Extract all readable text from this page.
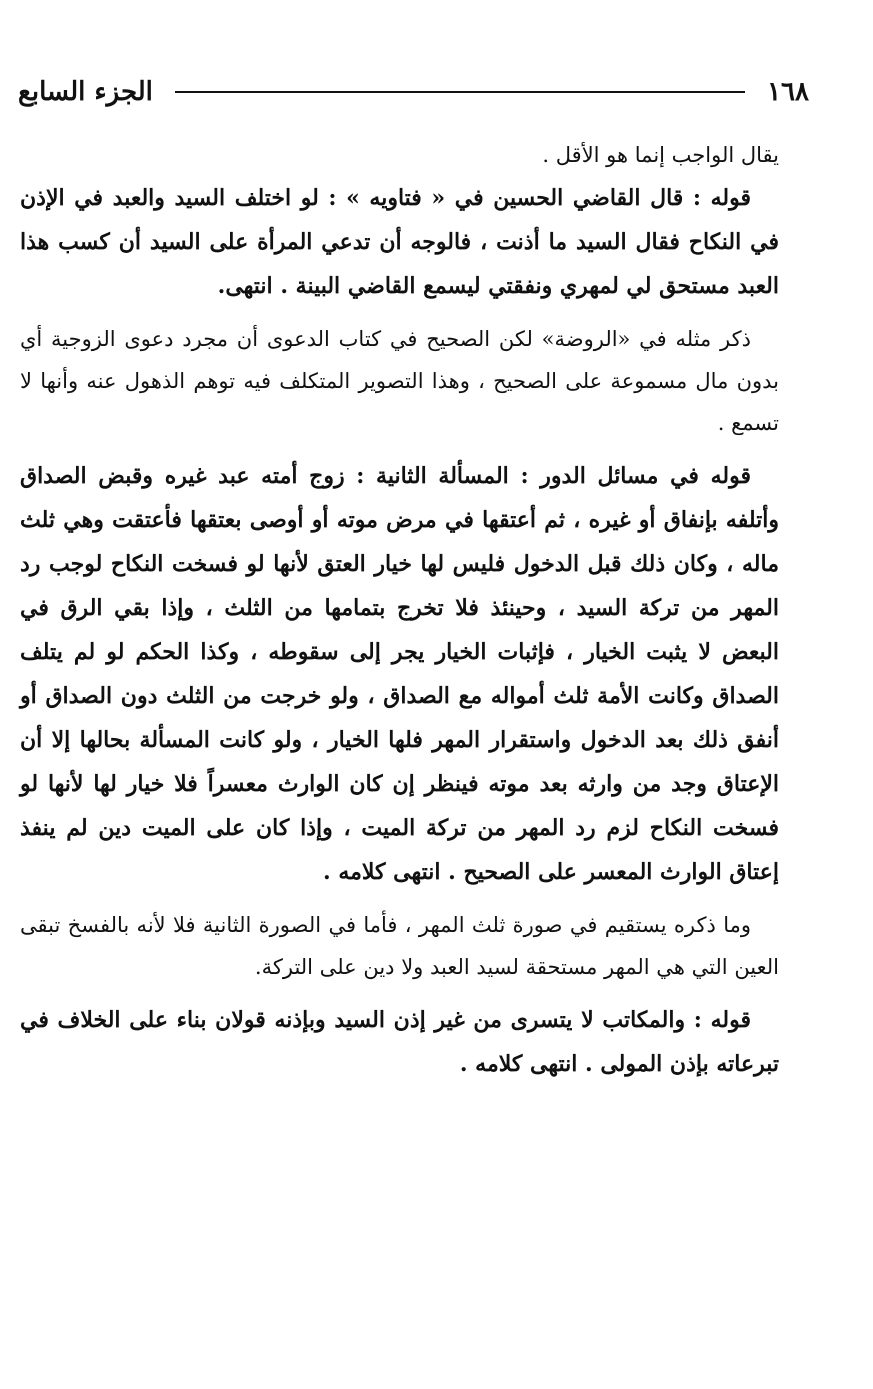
١٦٨
الجزء السابع

يقال الواجب إنما هو الأقل .

قوله : قال القاضي الحسين في « فتاويه » : لو اختلف السيد والعبد في الإذن في النكاح فقال السيد ما أذنت ، فالوجه أن تدعي المرأة على السيد أن كسب هذا العبد مستحق لي لمهري ونفقتي ليسمع القاضي البينة . انتهى.

ذكر مثله في «الروضة» لكن الصحيح في كتاب الدعوى أن مجرد دعوى الزوجية أي بدون مال مسموعة على الصحيح ، وهذا التصوير المتكلف فيه توهم الذهول عنه وأنها لا تسمع .

قوله في مسائل الدور : المسألة الثانية : زوج أمته عبد غيره وقبض الصداق وأتلفه بإنفاق أو غيره ، ثم أعتقها في مرض موته أو أوصى بعتقها فأعتقت وهي ثلث ماله ، وكان ذلك قبل الدخول فليس لها خيار العتق لأنها لو فسخت النكاح لوجب رد المهر من تركة السيد ، وحينئذ فلا تخرج بتمامها من الثلث ، وإذا بقي الرق في البعض لا يثبت الخيار ، فإثبات الخيار يجر إلى سقوطه ، وكذا الحكم لو لم يتلف الصداق وكانت الأمة ثلث أمواله مع الصداق ، ولو خرجت من الثلث دون الصداق أو أنفق ذلك بعد الدخول واستقرار المهر فلها الخيار ، ولو كانت المسألة بحالها إلا أن الإعتاق وجد من وارثه بعد موته فينظر إن كان الوارث معسراً فلا خيار لها لأنها لو فسخت النكاح لزم رد المهر من تركة الميت ، وإذا كان على الميت دين لم ينفذ إعتاق الوارث المعسر على الصحيح . انتهى كلامه .

وما ذكره يستقيم في صورة ثلث المهر ، فأما في الصورة الثانية فلا لأنه بالفسخ تبقى العين التي هي المهر مستحقة لسيد العبد ولا دين على التركة.

قوله : والمكاتب لا يتسرى من غير إذن السيد وبإذنه قولان بناء على الخلاف في تبرعاته بإذن المولى . انتهى كلامه .
